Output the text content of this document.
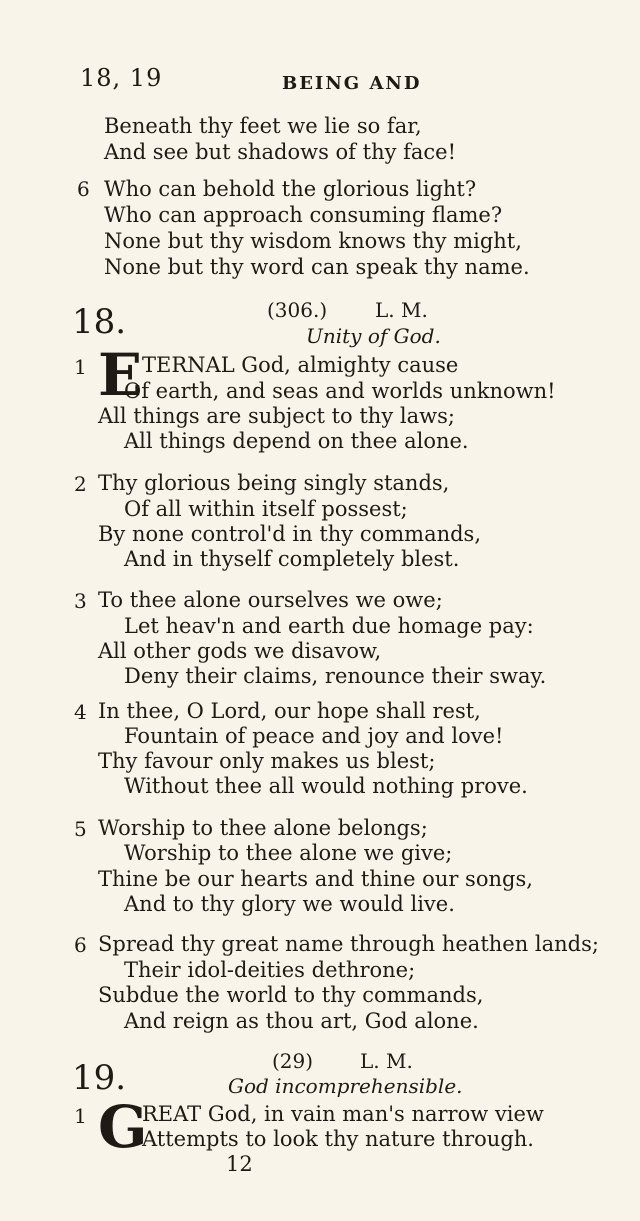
18, 19	BEING AND
Beneath thy feet we lie so far,
And see but shadows of thy face!
6 Who can behold the glorious light?
Who can approach consuming flame?
None but thy wisdom knows thy might,
None but thy word can speak thy name.
18.	(306.) L. M.
Unity of God.
1 E TERNAL God, almighty cause
Of earth, and seas and worlds unknown!
All things are subject to thy laws;
All things depend on thee alone.
2 Thy glorious being singly stands,
Of all within itself possest;
By none control'd in thy commands,
And in thyself completely blest.
3 To thee alone ourselves we owe;
Let heav'n and earth due homage pay:
All other gods we disavow,
Deny their claims, renounce their sway.
4 In thee, O Lord, our hope shall rest,
Fountain of peace and joy and love!
Thy favour only makes us blest;
Without thee all would nothing prove.
5 Worship to thee alone belongs;
Worship to thee alone we give;
Thine be our hearts and thine our songs,
And to thy glory we would live.
6 Spread thy great name through heathen lands;
Their idol-deities dethrone;
Subdue the world to thy commands,
And reign as thou art, God alone.
19.	(29) L. M.
God incomprehensible.
1 G
REAT God, in vain man's narrow view
Attempts to look thy nature through.
12
